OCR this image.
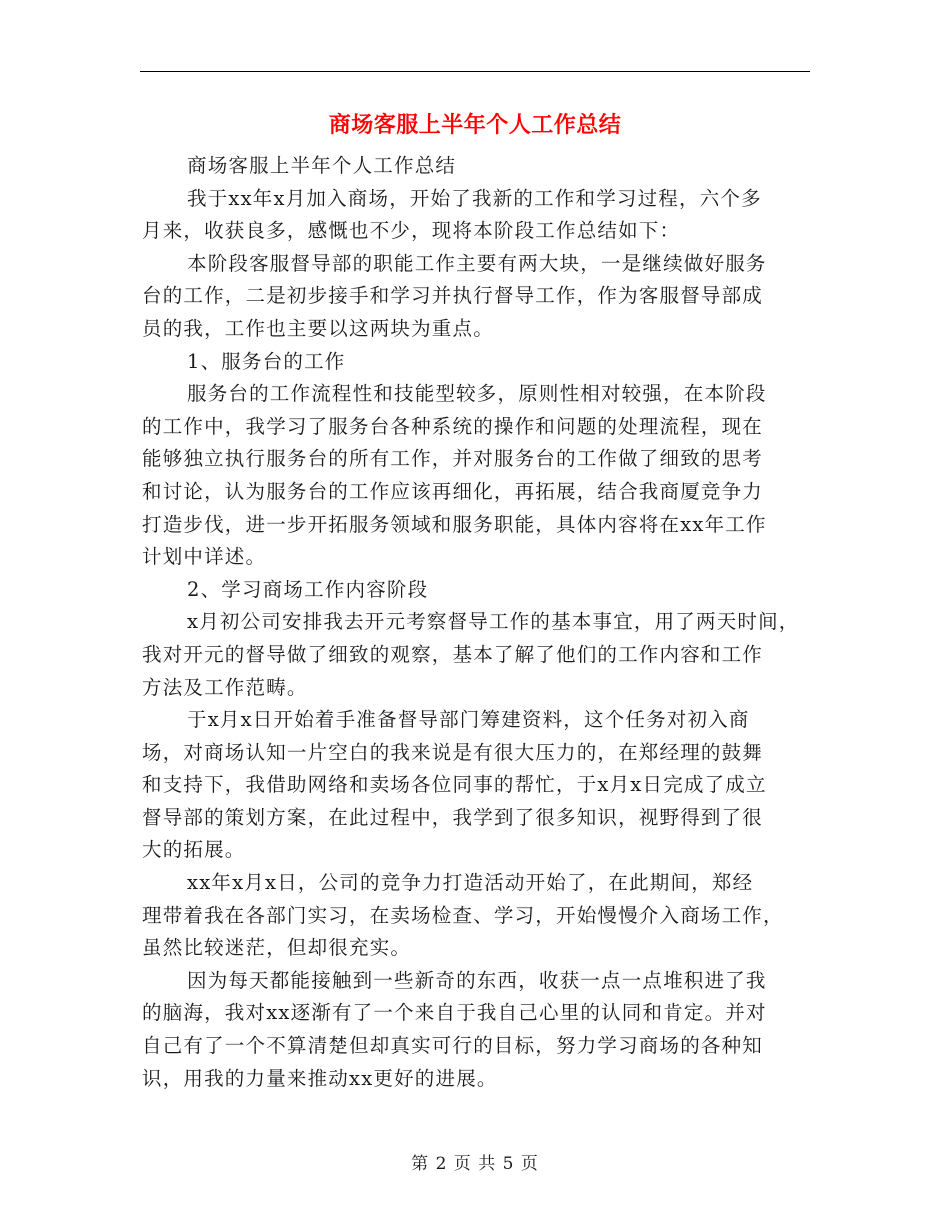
商场客服上半年个人工作总结
商场客服上半年个人工作总结
我于xx年x月加入商场，开始了我新的工作和学习过程，六个多
月来，收获良多，感慨也不少，现将本阶段工作总结如下：
本阶段客服督导部的职能工作主要有两大块，一是继续做好服务
台的工作，二是初步接手和学习并执行督导工作，作为客服督导部成
员的我，工作也主要以这两块为重点。
1、服务台的工作
服务台的工作流程性和技能型较多，原则性相对较强，在本阶段
的工作中，我学习了服务台各种系统的操作和问题的处理流程，现在
能够独立执行服务台的所有工作，并对服务台的工作做了细致的思考
和讨论，认为服务台的工作应该再细化，再拓展，结合我商厦竞争力
打造步伐，进一步开拓服务领域和服务职能，具体内容将在xx年工作
计划中详述。
2、学习商场工作内容阶段
x月初公司安排我去开元考察督导工作的基本事宜，用了两天时间，
我对开元的督导做了细致的观察，基本了解了他们的工作内容和工作
方法及工作范畴。
于x月x日开始着手准备督导部门筹建资料，这个任务对初入商
场，对商场认知一片空白的我来说是有很大压力的，在郑经理的鼓舞
和支持下，我借助网络和卖场各位同事的帮忙，于x月x日完成了成立
督导部的策划方案，在此过程中，我学到了很多知识，视野得到了很
大的拓展。
xx年x月x日，公司的竞争力打造活动开始了，在此期间，郑经
理带着我在各部门实习，在卖场检查、学习，开始慢慢介入商场工作，
虽然比较迷茫，但却很充实。
因为每天都能接触到一些新奇的东西，收获一点一点堆积进了我
的脑海，我对xx逐渐有了一个来自于我自己心里的认同和肯定。并对
自己有了一个不算清楚但却真实可行的目标，努力学习商场的各种知
识，用我的力量来推动xx更好的进展。
第 2 页 共 5 页
